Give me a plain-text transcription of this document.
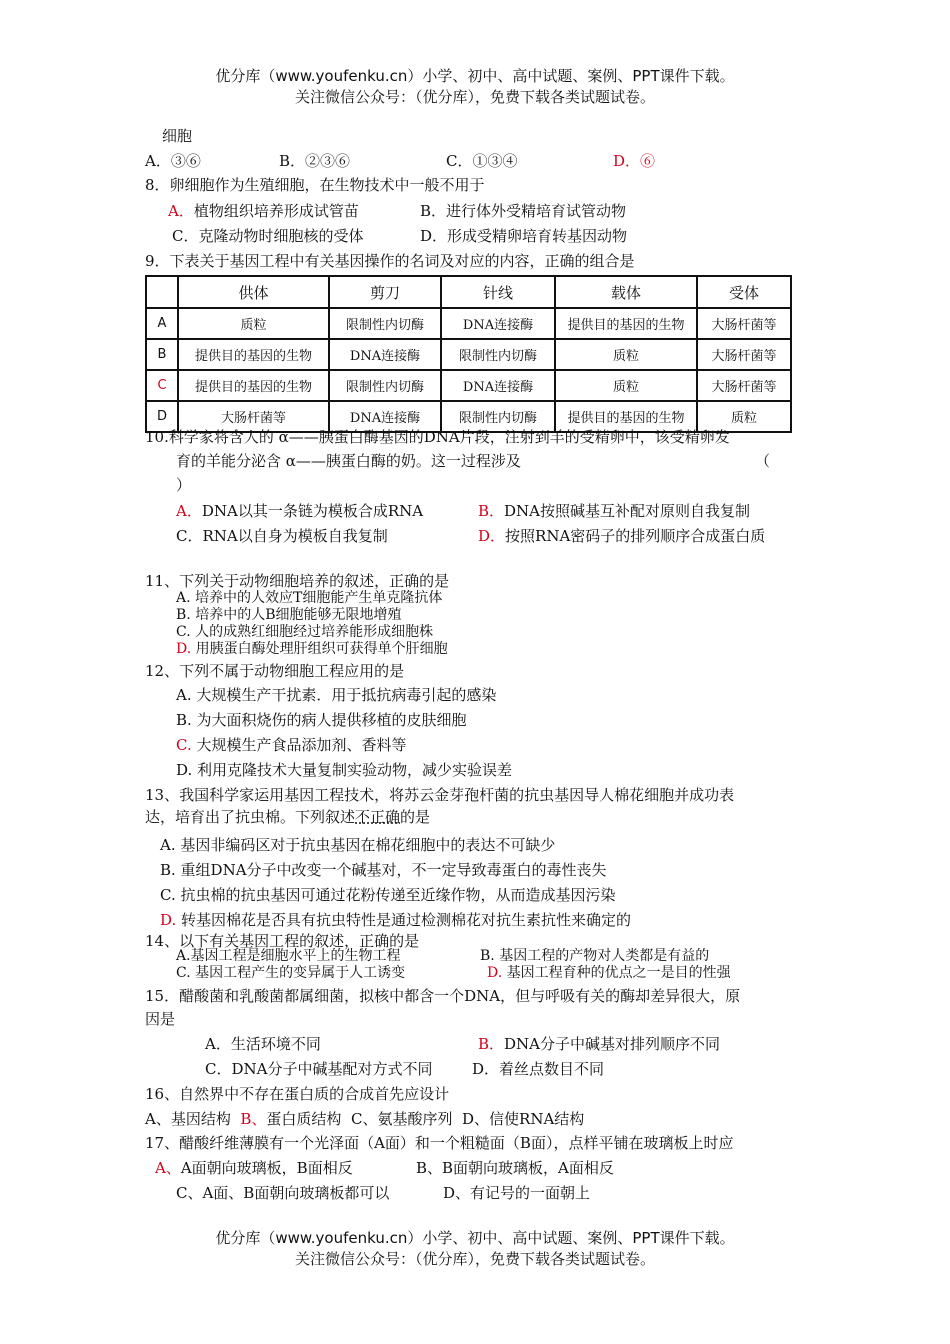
优分库（www.youfenku.cn）小学、初中、高中试题、案例、PPT课件下载。
关注微信公众号：（优分库），免费下载各类试题试卷。
细胞
A．③⑥	B．②③⑥	C．①③④	D．⑥
8．卵细胞作为生殖细胞，在生物技术中一般不用于
A．植物组织培养形成试管苗	B．进行体外受精培育试管动物
C．克隆动物时细胞核的受体	D．形成受精卵培育转基因动物
9．下表关于基因工程中有关基因操作的名词及对应的内容，正确的组合是
	供体	剪刀	针线	载体	受体
A	质粒	限制性内切酶	DNA连接酶	提供目的基因的生物	大肠杆菌等
B	提供目的基因的生物	DNA连接酶	限制性内切酶	质粒	大肠杆菌等
C	提供目的基因的生物	限制性内切酶	DNA连接酶	质粒	大肠杆菌等
D	大肠杆菌等	DNA连接酶	限制性内切酶	提供目的基因的生物	质粒
10.科学家将含人的 α——胰蛋白酶基因的DNA片段，注射到羊的受精卵中，该受精卵发
育的羊能分泌含 α——胰蛋白酶的奶。这一过程涉及	（
）
A．DNA以其一条链为模板合成RNA	B．DNA按照碱基互补配对原则自我复制
C．RNA以自身为模板自我复制	D．按照RNA密码子的排列顺序合成蛋白质
11、下列关于动物细胞培养的叙述，正确的是
A. 培养中的人效应T细胞能产生单克隆抗体
B. 培养中的人B细胞能够无限地增殖
C. 人的成熟红细胞经过培养能形成细胞株
D. 用胰蛋白酶处理肝组织可获得单个肝细胞
12、下列不属于动物细胞工程应用的是
A. 大规模生产干扰素．用于抵抗病毒引起的感染
B. 为大面积烧伤的病人提供移植的皮肤细胞
C. 大规模生产食品添加剂、香料等
D. 利用克隆技术大量复制实验动物，减少实验误差
13、我国科学家运用基因工程技术，将苏云金芽孢杆菌的抗虫基因导人棉花细胞并成功表
达，培育出了抗虫棉。下列叙述不正确的是
A. 基因非编码区对于抗虫基因在棉花细胞中的表达不可缺少
B. 重组DNA分子中改变一个碱基对，不一定导致毒蛋白的毒性丧失
C. 抗虫棉的抗虫基因可通过花粉传递至近缘作物，从而造成基因污染
D. 转基因棉花是否具有抗虫特性是通过检测棉花对抗生素抗性来确定的
14、以下有关基因工程的叙述，正确的是
A.基因工程是细胞水平上的生物工程	B. 基因工程的产物对人类都是有益的
C. 基因工程产生的变异属于人工诱变	D. 基因工程育种的优点之一是目的性强
15．醋酸菌和乳酸菌都属细菌，拟核中都含一个DNA，但与呼吸有关的酶却差异很大，原
因是
A．生活环境不同	B．DNA分子中碱基对排列顺序不同
C．DNA分子中碱基配对方式不同	D．着丝点数目不同
16、自然界中不存在蛋白质的合成首先应设计
A、基因结构 B、蛋白质结构 C、氨基酸序列 D、信使RNA结构
17、醋酸纤维薄膜有一个光泽面（A面）和一个粗糙面（B面），点样平铺在玻璃板上时应
A、A面朝向玻璃板，B面相反	B、B面朝向玻璃板，A面相反
C、A面、B面朝向玻璃板都可以	D、有记号的一面朝上
优分库（www.youfenku.cn）小学、初中、高中试题、案例、PPT课件下载。
关注微信公众号：（优分库），免费下载各类试题试卷。
